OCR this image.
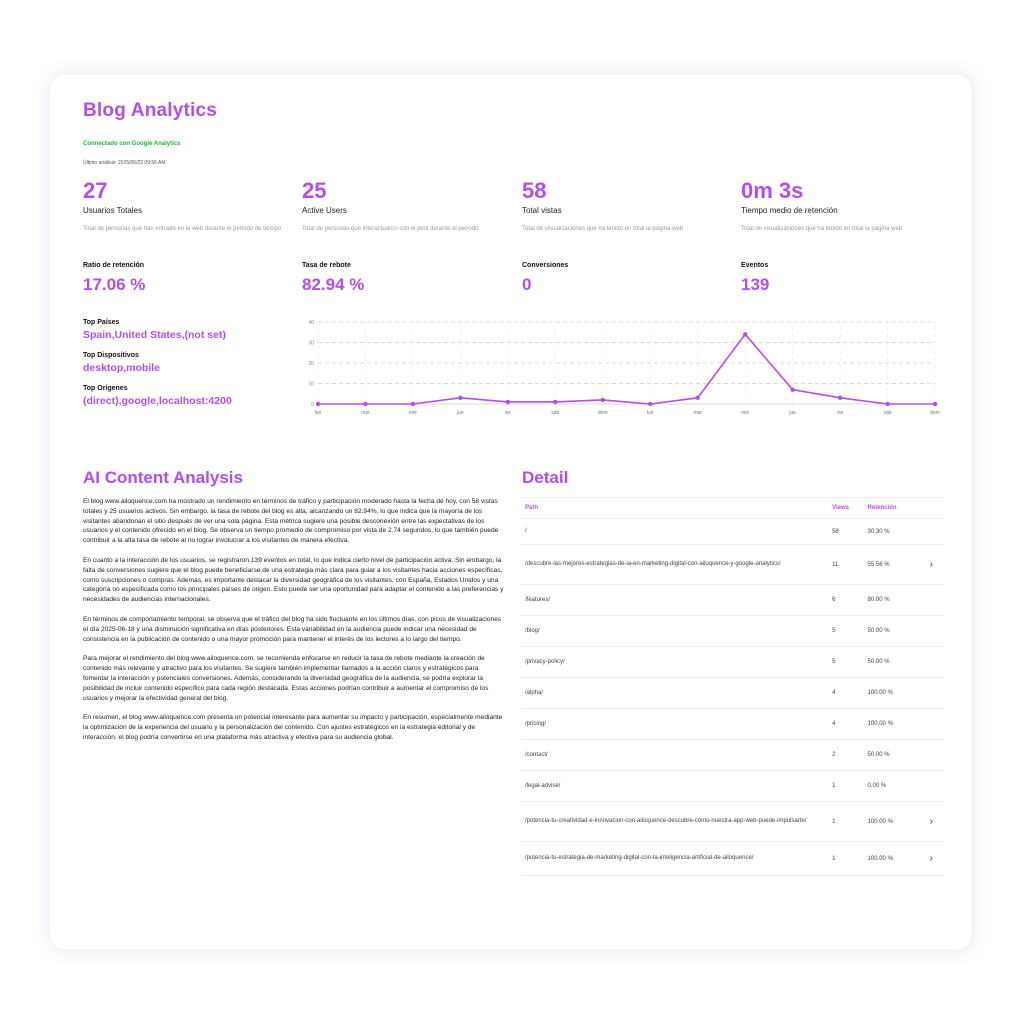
Blog Analytics
Connectado con Google Analytics
Último análisis: 2025/06/22 09:56 AM
27
Usuarios Totales
Total de personas que han entrado en la web durante el periodo de tiempo
25
Active Users
Total de personas que interactuaron con el post durante el periodo
58
Total vistas
Total de visualizaciones que ha tenido en total la página web
0m 3s
Tiempo medio de retención
Total de visualizaciones que ha tenido en total la página web
Ratio de retención
17.06 %
Tasa de rebote
82.94 %
Conversiones
0
Eventos
139
Top Países
Spain,United States,(not set)
Top Dispositivos
desktop,mobile
Top Orígenes
(direct),google,localhost:4200	0
10
20
30
40
lun	mar	mié	jue	vie	sáb	dom	lun	mar	mié	jue	vie	sáb	dom
AI Content Analysis

El blog www.ailoquence.com ha mostrado un rendimiento en términos de tráfico y participación moderado hasta la fecha de hoy, con 58 vistas totales y 25 usuarios activos. Sin embargo, la tasa de rebote del blog es alta, alcanzando un 82.94%, lo que indica que la mayoría de los visitantes abandonan el sitio después de ver una sola página. Esta métrica sugiere una posible desconexión entre las expectativas de los usuarios y el contenido ofrecido en el blog. Se observa un tiempo promedio de compromiso por vista de 2.74 segundos, lo que también puede contribuir a la alta tasa de rebote al no lograr involucrar a los visitantes de manera efectiva.

En cuanto a la interacción de los usuarios, se registraron 139 eventos en total, lo que indica cierto nivel de participación activa. Sin embargo, la falta de conversiones sugiere que el blog puede beneficiarse de una estrategia más clara para guiar a los visitantes hacia acciones específicas, como suscripciones o compras. Además, es importante destacar la diversidad geográfica de los visitantes, con España, Estados Unidos y una categoría no especificada como los principales países de origen. Esto puede ser una oportunidad para adaptar el contenido a las preferencias y necesidades de audiencias internacionales.

En términos de comportamiento temporal, se observa que el tráfico del blog ha sido fluctuante en los últimos días, con picos de visualizaciones el día 2025-06-18 y una disminución significativa en días posteriores. Esta variabilidad en la audiencia puede indicar una necesidad de consistencia en la publicación de contenido o una mayor promoción para mantener el interés de los lectores a lo largo del tiempo.

Para mejorar el rendimiento del blog www.ailoquence.com, se recomienda enfocarse en reducir la tasa de rebote mediante la creación de contenido más relevante y atractivo para los visitantes. Se sugiere también implementar llamados a la acción claros y estratégicos para fomentar la interacción y potenciales conversiones. Además, considerando la diversidad geográfica de la audiencia, se podría explorar la posibilidad de incluir contenido específico para cada región destacada. Estas acciones podrían contribuir a aumentar el compromiso de los usuarios y mejorar la efectividad general del blog.

En resumen, el blog www.ailoquence.com presenta un potencial interesante para aumentar su impacto y participación, especialmente mediante la optimización de la experiencia del usuario y la personalización del contenido. Con ajustes estratégicos en la estrategia editorial y de interacción, el blog podría convertirse en una plataforma más atractiva y efectiva para su audiencia global.

Detail
Path	Views	Retención	
/	58	30.30 %	
/descubre-las-mejores-estrategias-de-ia-en-marketing-digital-con-ailoquence-y-google-analytics/	11	55.56 %	›
/features/	6	80.00 %	
/blog/	5	50.00 %	
/privacy-policy/	5	50.00 %	
/alpha/	4	100.00 %	
/pricing/	4	100.00 %	
/contact/	2	50.00 %	
/legal-advise/	1	0.00 %	
/potencia-tu-creatividad-e-innovacion-con-ailoquence-descubre-como-nuestra-app-web-puede-impulsarte/	1	100.00 %	›
/potencia-tu-estrategia-de-marketing-digital-con-la-inteligencia-artificial-de-ailoquence/	1	100.00 %	›
